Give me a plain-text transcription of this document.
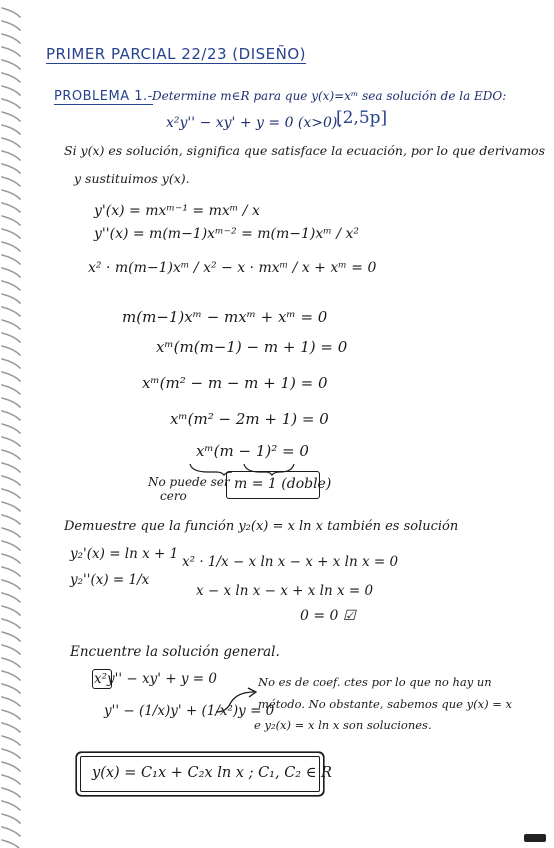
PRIMER PARCIAL 22/23 (DISEÑO)
PROBLEMA 1.- Determine m∈R para que y(x)=xᵐ sea solución de la EDO:
x²y'' − xy' + y = 0 (x>0).
[2,5p]
Si y(x) es solución, significa que satisface la ecuación, por lo que derivamos
y sustituimos y(x).
y'(x) = mxᵐ⁻¹ = mxᵐ / x
y''(x) = m(m−1)xᵐ⁻² = m(m−1)xᵐ / x²
x² · m(m−1)xᵐ / x² − x · mxᵐ / x + xᵐ = 0
m(m−1)xᵐ − mxᵐ + xᵐ = 0
xᵐ(m(m−1) − m + 1) = 0
xᵐ(m² − m − m + 1) = 0
xᵐ(m² − 2m + 1) = 0
xᵐ(m − 1)² = 0
No puede ser
cero
m = 1 (doble)
Demuestre que la función y₂(x) = x ln x también es solución
y₂'(x) = ln x + 1
y₂''(x) = 1/x
x² · 1/x − x ln x − x + x ln x = 0
x − x ln x − x + x ln x = 0
0 = 0 ☑
Encuentre la solución general.
x²y'' − xy' + y = 0
y'' − (1/x)y' + (1/x²)y = 0
No es de coef. ctes por lo que no hay un
método. No obstante, sabemos que y(x) = x
e y₂(x) = x ln x son soluciones.
y(x) = C₁x + C₂x ln x ; C₁, C₂ ∈ R
